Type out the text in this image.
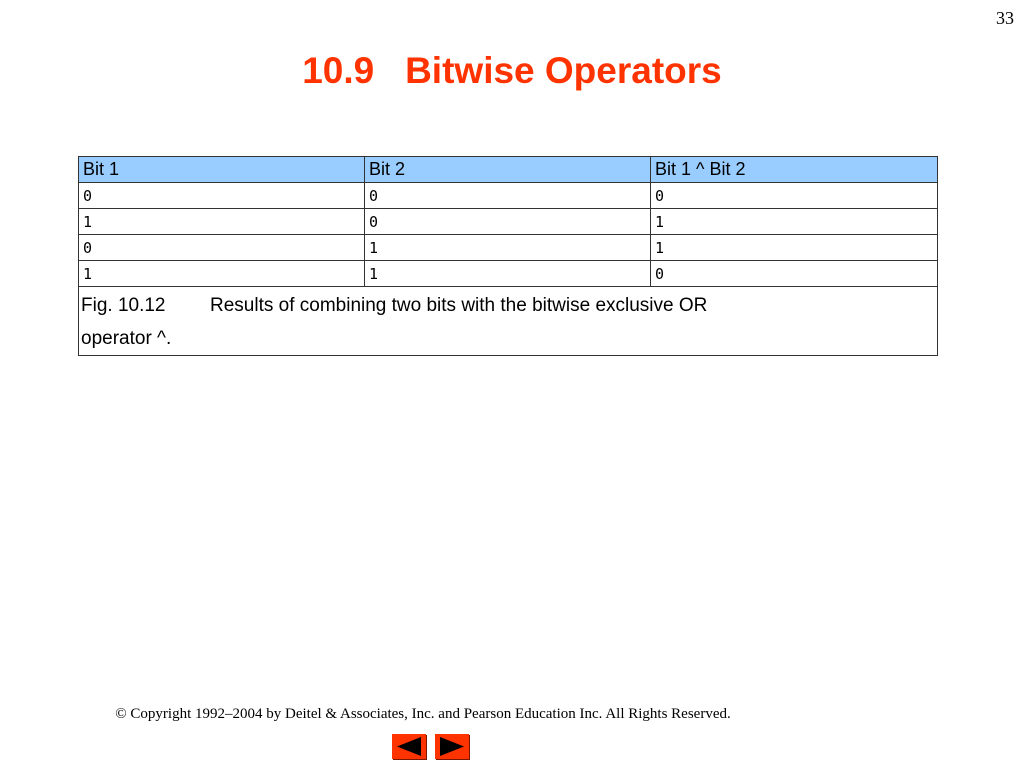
33
10.9   Bitwise Operators
Bit 1	Bit 2	Bit 1 ^ Bit 2
0	0	0
1	0	1
0	1	1
1	1	0
Fig. 10.12 Results of combining two bits with the bitwise exclusive OR
operator ^.		
© Copyright 1992–2004 by Deitel & Associates, Inc. and Pearson Education Inc. All Rights Reserved.
